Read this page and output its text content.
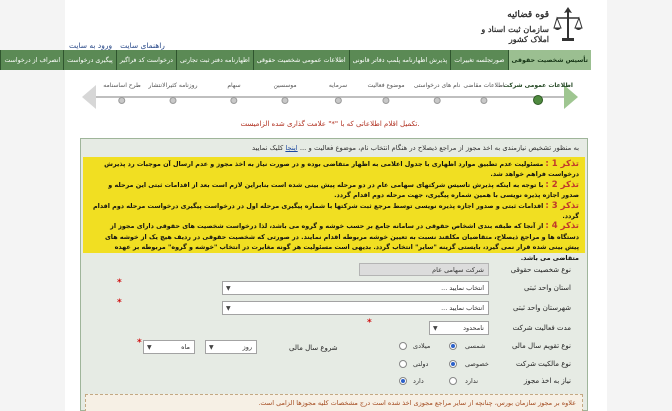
قوه قضائیه
سازمان ثبت اسناد و املاک کشور
ورود به سایت راهنمای سایت
تأسیس شخصیت حقوقی
صورتجلسه تغییرات
پذیرش اظهارنامه پلمپ دفاتر قانونی
اطلاعات عمومی شخصیت حقوقی
اظهارنامه دفتر ثبت تجارتی
درخواست کد فراگیر
پیگیری درخواست
انصراف از درخواست
اطلاعات عمومی شرکت
اطلاعات مقاضی
نام های درخواستی
موضوع فعالیت
سرمایه
موسسین
سهام
روزنامه کثیرالانتشار
طرح اساسنامه
تکمیل اقلام اطلاعاتی که با "*" علامت گذاری شده الزامیست.
به منظور تشخیص نیازمندی به اخذ مجوز از مراجع ذیصلاح در هنگام انتخاب نام، موضوع فعالیت و ... اینجا کلیک نمایید
تذکر 1 : مسئولیت عدم تطبیق موارد اظهاری با جدول اعلامی به اظهار متقاضی بوده و در صورت نیاز به اخذ مجوز و عدم ارسال آن موجبات رد پذیرش درخواست فراهم خواهد شد.
تذکر 2 : با توجه به اینکه پذیرش تاسیس شرکتهای سهامی عام در دو مرحله پیش بینی شده است بنابراین لازم است بعد از اقدامات ثبتی این مرحله و صدور اجازه پذیره نویسی با همین شماره پیگیری، جهت مرحله دوم اقدام گردد.
تذکر 3 : اقدامات ثبتی و صدور اجازه پذیره نویسی توسط مرجع ثبت شرکتها با شماره پیگیری مرحله اول در درخواست پیگیری درخواست مرحله دوم اقدام گردد.
تذکر 4 : از آنجا که طبقه بندی اشخاص حقوقی در سامانه جامع بر حسب خوشه و گروه می باشد، لذا درخواست شخصیت های حقوقی دارای مجوز از دستگاه ها و مراجع ذیصلاح، متقاضیان مکلفند نسبت به تعیین خوشه مربوطه اقدام نمایند. در صورتی که شخصیت حقوقی در ردیف هیچ یک از خوشه های پیش بینی شده قرار نمی گیرد، بایستی گزینه "سایر" انتخاب گردد. بدیهی است مسئولیت هر گونه مغایرت در انتخاب "خوشه و گروه" مربوطه بر عهده متقاضی می باشد.
نوع شخصیت حقوقی
شرکت سهامی عام
استان واحد ثبتی
انتخاب نمایید ...
▼
*
شهرستان واحد ثبتی
انتخاب نمایید ...
▼
*
مدت فعالیت شرکت
نامحدود
▼
*
نوع تقویم سال مالی
شمسی
میلادی
شروع سال مالی
روز
▼
ماه
▼
*
نوع مالکیت شرکت
خصوصی
دولتی
نیاز به اخذ مجوز
ندارد
دارد
علاوه بر مجوز سازمان بورس، چنانچه از سایر مراجع مجوزی اخذ شده است درج مشخصات کلیه مجوزها الزامی است.
